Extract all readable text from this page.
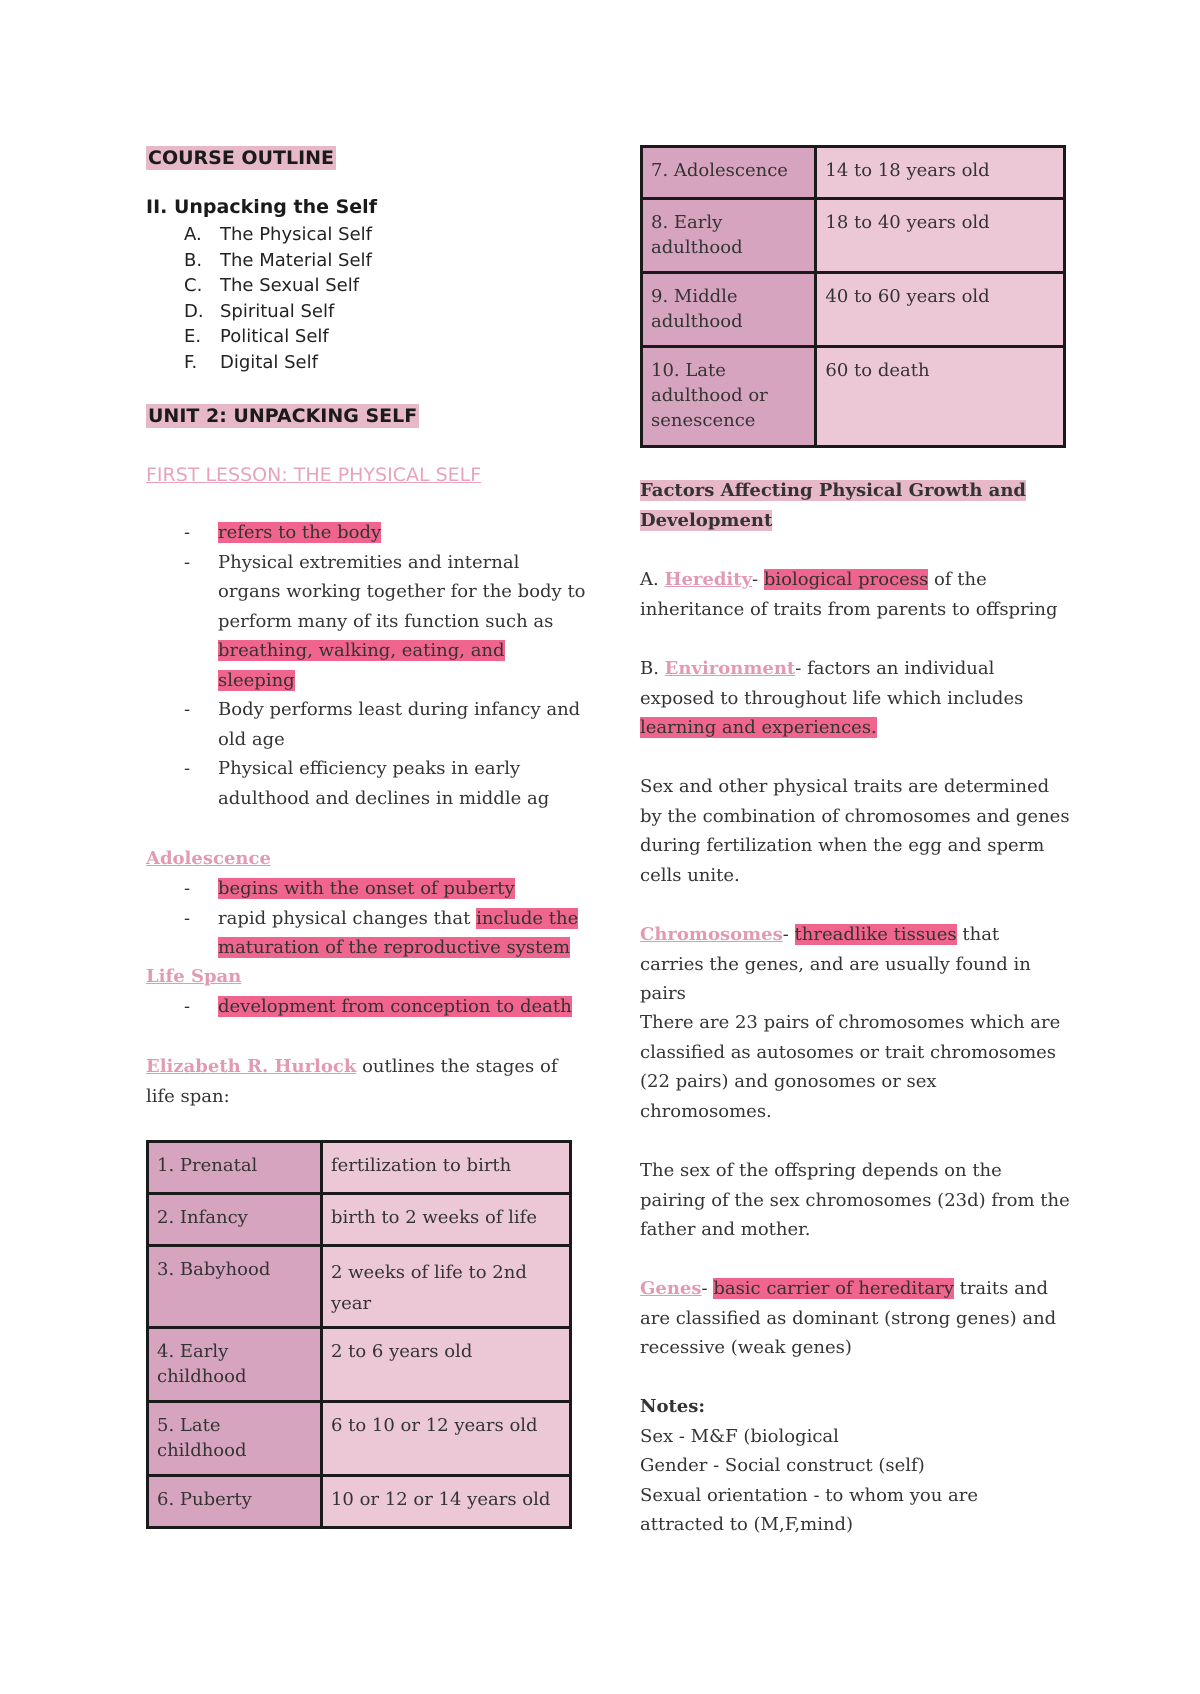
COURSE OUTLINE
II. Unpacking the Self
A. The Physical Self
B. The Material Self
C. The Sexual Self
D. Spiritual Self
E. Political Self
F. Digital Self
UNIT 2: UNPACKING SELF
FIRST LESSON: THE PHYSICAL SELF
- refers to the body
- Physical extremities and internal organs working together for the body to perform many of its function such as breathing, walking, eating, and sleeping
- Body performs least during infancy and old age
- Physical efficiency peaks in early adulthood and declines in middle ag
Adolescence
- begins with the onset of puberty
- rapid physical changes that include the maturation of the reproductive system
Life Span
- development from conception to death
Elizabeth R. Hurlock outlines the stages of life span:
1. Prenatal	fertilization to birth
2. Infancy	birth to 2 weeks of life
3. Babyhood	2 weeks of life to 2nd year
4. Early childhood	2 to 6 years old
5. Late childhood	6 to 10 or 12 years old
6. Puberty	10 or 12 or 14 years old
7. Adolescence	14 to 18 years old
8. Early adulthood	18 to 40 years old
9. Middle adulthood	40 to 60 years old
10. Late adulthood or senescence	60 to death
Factors Affecting Physical Growth and Development
A. Heredity- biological process of the inheritance of traits from parents to offspring
B. Environment- factors an individual exposed to throughout life which includes learning and experiences.
Sex and other physical traits are determined by the combination of chromosomes and genes during fertilization when the egg and sperm cells unite.
Chromosomes- threadlike tissues that carries the genes, and are usually found in pairs
There are 23 pairs of chromosomes which are classified as autosomes or trait chromosomes (22 pairs) and gonosomes or sex chromosomes.
The sex of the offspring depends on the pairing of the sex chromosomes (23d) from the father and mother.
Genes- basic carrier of hereditary traits and are classified as dominant (strong genes) and recessive (weak genes)
Notes:
Sex - M&F (biological
Gender - Social construct (self)
Sexual orientation - to whom you are attracted to (M,F,mind)
